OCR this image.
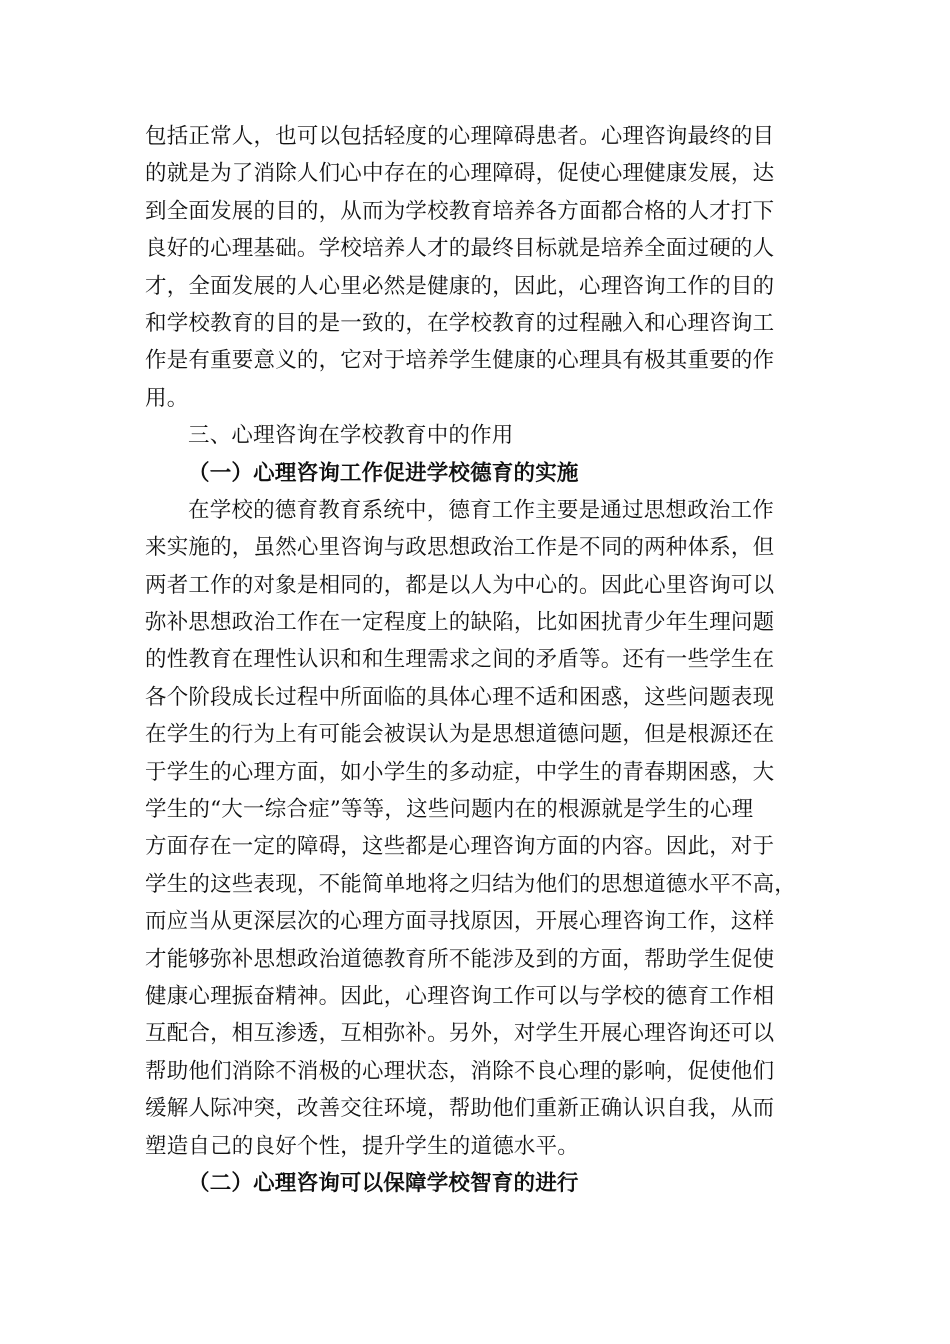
包括正常人，也可以包括轻度的心理障碍患者。心理咨询最终的目
的就是为了消除人们心中存在的心理障碍，促使心理健康发展，达
到全面发展的目的，从而为学校教育培养各方面都合格的人才打下
良好的心理基础。学校培养人才的最终目标就是培养全面过硬的人
才，全面发展的人心里必然是健康的，因此，心理咨询工作的目的
和学校教育的目的是一致的，在学校教育的过程融入和心理咨询工
作是有重要意义的，它对于培养学生健康的心理具有极其重要的作
用。
三、心理咨询在学校教育中的作用
（一）心理咨询工作促进学校德育的实施
在学校的德育教育系统中，德育工作主要是通过思想政治工作
来实施的，虽然心里咨询与政思想政治工作是不同的两种体系，但
两者工作的对象是相同的，都是以人为中心的。因此心里咨询可以
弥补思想政治工作在一定程度上的缺陷，比如困扰青少年生理问题
的性教育在理性认识和和生理需求之间的矛盾等。还有一些学生在
各个阶段成长过程中所面临的具体心理不适和困惑，这些问题表现
在学生的行为上有可能会被误认为是思想道德问题，但是根源还在
于学生的心理方面，如小学生的多动症，中学生的青春期困惑，大
学生的“大一综合症”等等，这些问题内在的根源就是学生的心理
方面存在一定的障碍，这些都是心理咨询方面的内容。因此，对于
学生的这些表现，不能简单地将之归结为他们的思想道德水平不高，
而应当从更深层次的心理方面寻找原因，开展心理咨询工作，这样
才能够弥补思想政治道德教育所不能涉及到的方面，帮助学生促使
健康心理振奋精神。因此，心理咨询工作可以与学校的德育工作相
互配合，相互渗透，互相弥补。另外，对学生开展心理咨询还可以
帮助他们消除不消极的心理状态，消除不良心理的影响，促使他们
缓解人际冲突，改善交往环境，帮助他们重新正确认识自我，从而
塑造自己的良好个性，提升学生的道德水平。
（二）心理咨询可以保障学校智育的进行
